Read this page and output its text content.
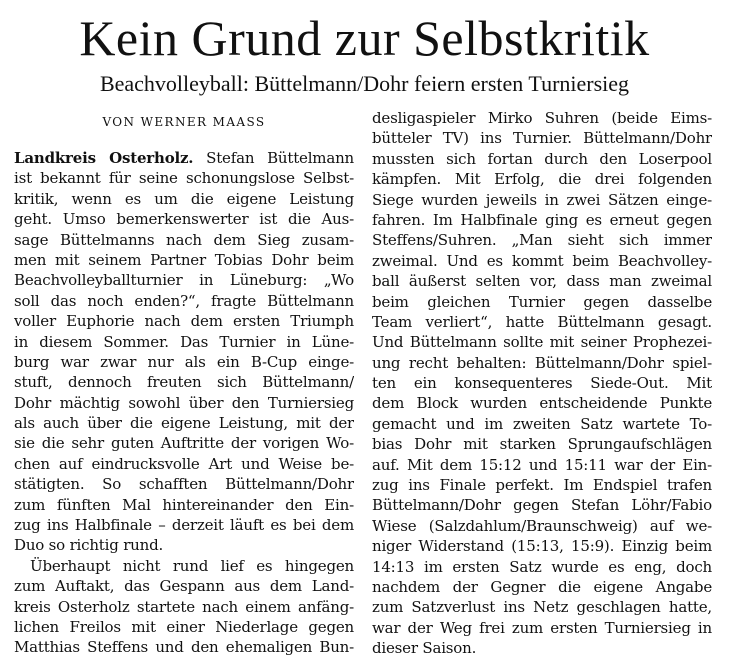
Kein Grund zur Selbstkritik
Beachvolleyball: Büttelmann/Dohr feiern ersten Turniersieg
VON WERNER MAASS
Landkreis Osterholz. Stefan Büttelmann
ist bekannt für seine schonungslose Selbst-
kritik, wenn es um die eigene Leistung
geht. Umso bemerkenswerter ist die Aus-
sage Büttelmanns nach dem Sieg zusam-
men mit seinem Partner Tobias Dohr beim
Beachvolleyballturnier in Lüneburg: „Wo
soll das noch enden?“, fragte Büttelmann
voller Euphorie nach dem ersten Triumph
in diesem Sommer. Das Turnier in Lüne-
burg war zwar nur als ein B-Cup einge-
stuft, dennoch freuten sich Büttelmann/
Dohr mächtig sowohl über den Turniersieg
als auch über die eigene Leistung, mit der
sie die sehr guten Auftritte der vorigen Wo-
chen auf eindrucksvolle Art und Weise be-
stätigten. So schafften Büttelmann/Dohr
zum fünften Mal hintereinander den Ein-
zug ins Halbfinale – derzeit läuft es bei dem
Duo so richtig rund.
Überhaupt nicht rund lief es hingegen
zum Auftakt, das Gespann aus dem Land-
kreis Osterholz startete nach einem anfäng-
lichen Freilos mit einer Niederlage gegen
Matthias Steffens und den ehemaligen Bun-
desligaspieler Mirko Suhren (beide Eims-
bütteler TV) ins Turnier. Büttelmann/Dohr
mussten sich fortan durch den Loserpool
kämpfen. Mit Erfolg, die drei folgenden
Siege wurden jeweils in zwei Sätzen einge-
fahren. Im Halbfinale ging es erneut gegen
Steffens/Suhren. „Man sieht sich immer
zweimal. Und es kommt beim Beachvolley-
ball äußerst selten vor, dass man zweimal
beim gleichen Turnier gegen dasselbe
Team verliert“, hatte Büttelmann gesagt.
Und Büttelmann sollte mit seiner Prophezei-
ung recht behalten: Büttelmann/Dohr spiel-
ten ein konsequenteres Siede-Out. Mit
dem Block wurden entscheidende Punkte
gemacht und im zweiten Satz wartete To-
bias Dohr mit starken Sprungaufschlägen
auf. Mit dem 15:12 und 15:11 war der Ein-
zug ins Finale perfekt. Im Endspiel trafen
Büttelmann/Dohr gegen Stefan Löhr/Fabio
Wiese (Salzdahlum/Braunschweig) auf we-
niger Widerstand (15:13, 15:9). Einzig beim
14:13 im ersten Satz wurde es eng, doch
nachdem der Gegner die eigene Angabe
zum Satzverlust ins Netz geschlagen hatte,
war der Weg frei zum ersten Turniersieg in
dieser Saison.
